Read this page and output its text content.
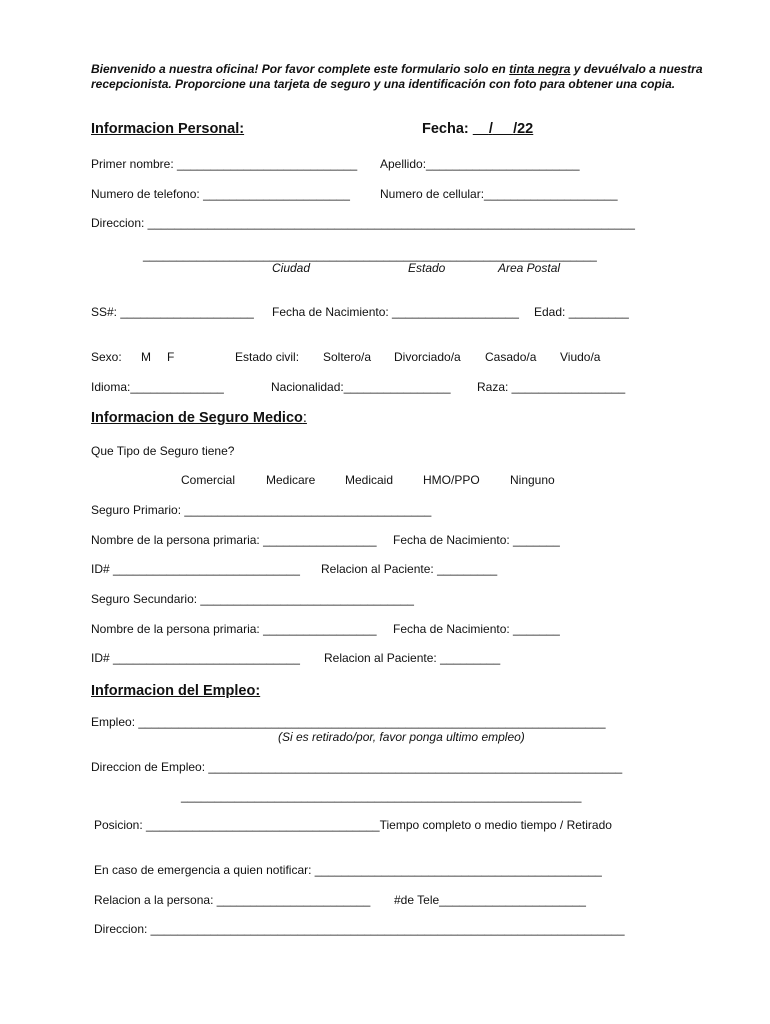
Bienvenido a nuestra oficina! Por favor complete este formulario solo en tinta negra y devuélvalo a nuestra recepcionista. Proporcione una tarjeta de seguro y una identificación con foto para obtener una copia.
Informacion Personal:	Fecha:     / /22
Primer nombre: ___________________________ Apellido:_______________________
Numero de telefono: ______________________	Numero de cellular:____________________
Direccion: _________________________________________________________________________
____________________________________________________________________
Ciudad	Estado	Area Postal
SS#: ____________________ Fecha de Nacimiento: ___________________ Edad: _________
Sexo: M F	Estado civil: Soltero/a Divorciado/a Casado/a Viudo/a
Idioma:______________	Nacionalidad:________________ Raza: _________________
Informacion de Seguro Medico:
Que Tipo de Seguro tiene?
Comercial	Medicare Medicaid HMO/PPO	Ninguno
Seguro Primario: _____________________________________
Nombre de la persona primaria: _________________ Fecha de Nacimiento: _______
ID# ____________________________ Relacion al Paciente: _________
Seguro Secundario: ________________________________
Nombre de la persona primaria: _________________ Fecha de Nacimiento: _______
ID# ____________________________ Relacion al Paciente: _________
Informacion del Empleo:
Empleo: ______________________________________________________________________
(Si es retirado/por, favor ponga ultimo empleo)
Direccion de Empleo: ______________________________________________________________
____________________________________________________________
Posicion: ___________________________________Tiempo completo o medio tiempo / Retirado
En caso de emergencia a quien notificar: ___________________________________________
Relacion a la persona: _______________________ #de Tele______________________
Direccion: _______________________________________________________________________
